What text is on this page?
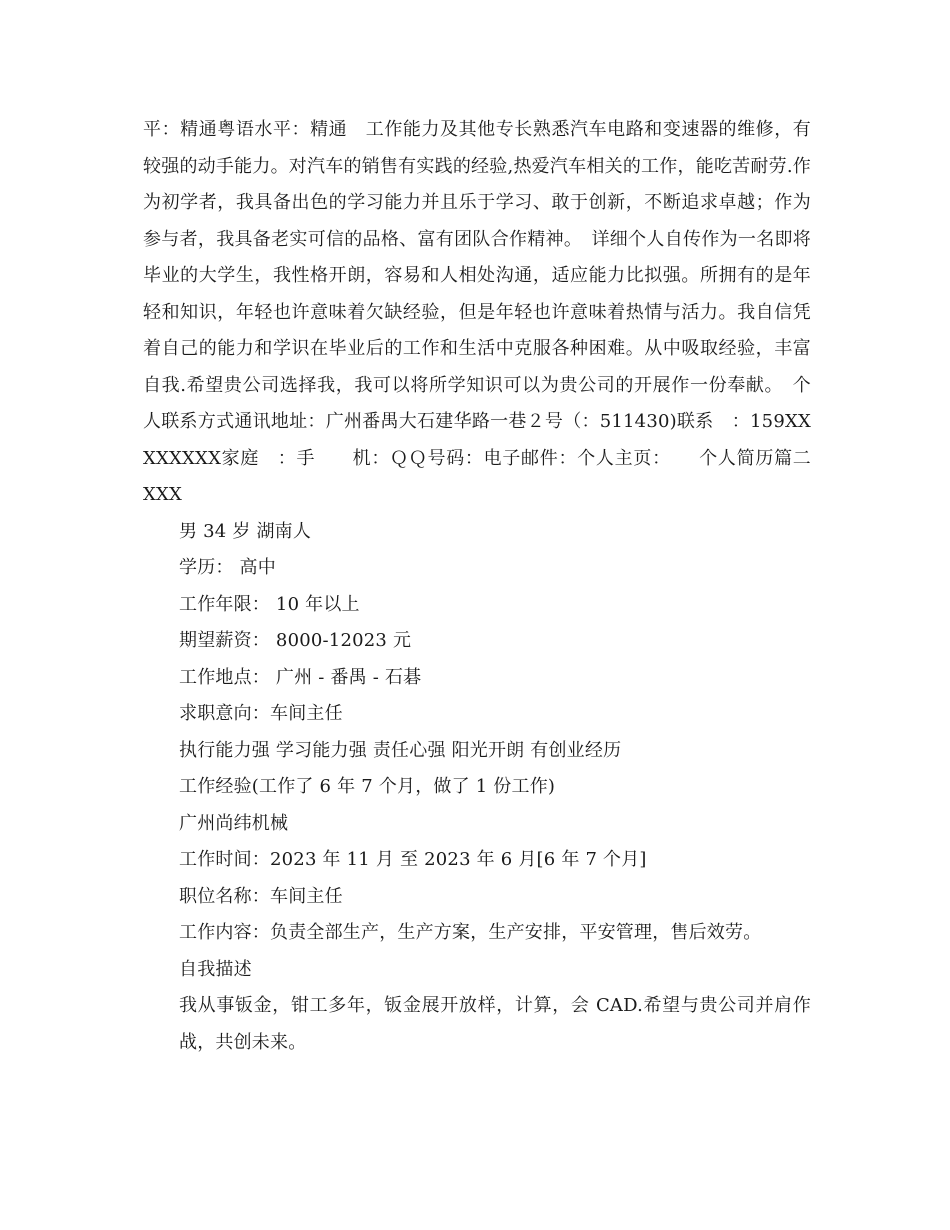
平：精通粤语水平：精通　工作能力及其他专长熟悉汽车电路和变速器的维修，有较强的动手能力。对汽车的销售有实践的经验,热爱汽车相关的工作，能吃苦耐劳.作为初学者，我具备出色的学习能力并且乐于学习、敢于创新，不断追求卓越；作为参与者，我具备老实可信的品格、富有团队合作精神。　详细个人自传作为一名即将毕业的大学生，我性格开朗，容易和人相处沟通，适应能力比拟强。所拥有的是年轻和知识，年轻也许意味着欠缺经验，但是年轻也许意味着热情与活力。我自信凭着自己的能力和学识在毕业后的工作和生活中克服各种困难。从中吸取经验，丰富自我.希望贵公司选择我，我可以将所学知识可以为贵公司的开展作一份奉献。　个人联系方式通讯地址：广州番禺大石建华路一巷２号（：511430)联系　：159XXXXXXXX家庭　：手　　机：ＱＱ号码：电子邮件：个人主页：　　个人简历篇二　　XXX

男 34 岁 湖南人
学历： 高中
工作年限： 10 年以上
期望薪资： 8000-12023 元
工作地点： 广州 - 番禺 - 石碁
求职意向：车间主任
执行能力强 学习能力强 责任心强 阳光开朗 有创业经历
工作经验(工作了 6 年 7 个月，做了 1 份工作)
广州尚纬机械
工作时间：2023 年 11 月 至 2023 年 6 月[6 年 7 个月]
职位名称：车间主任
工作内容：负责全部生产，生产方案，生产安排，平安管理，售后效劳。
自我描述

我从事钣金，钳工多年，钣金展开放样，计算，会 CAD.希望与贵公司并肩作战，共创未来。
